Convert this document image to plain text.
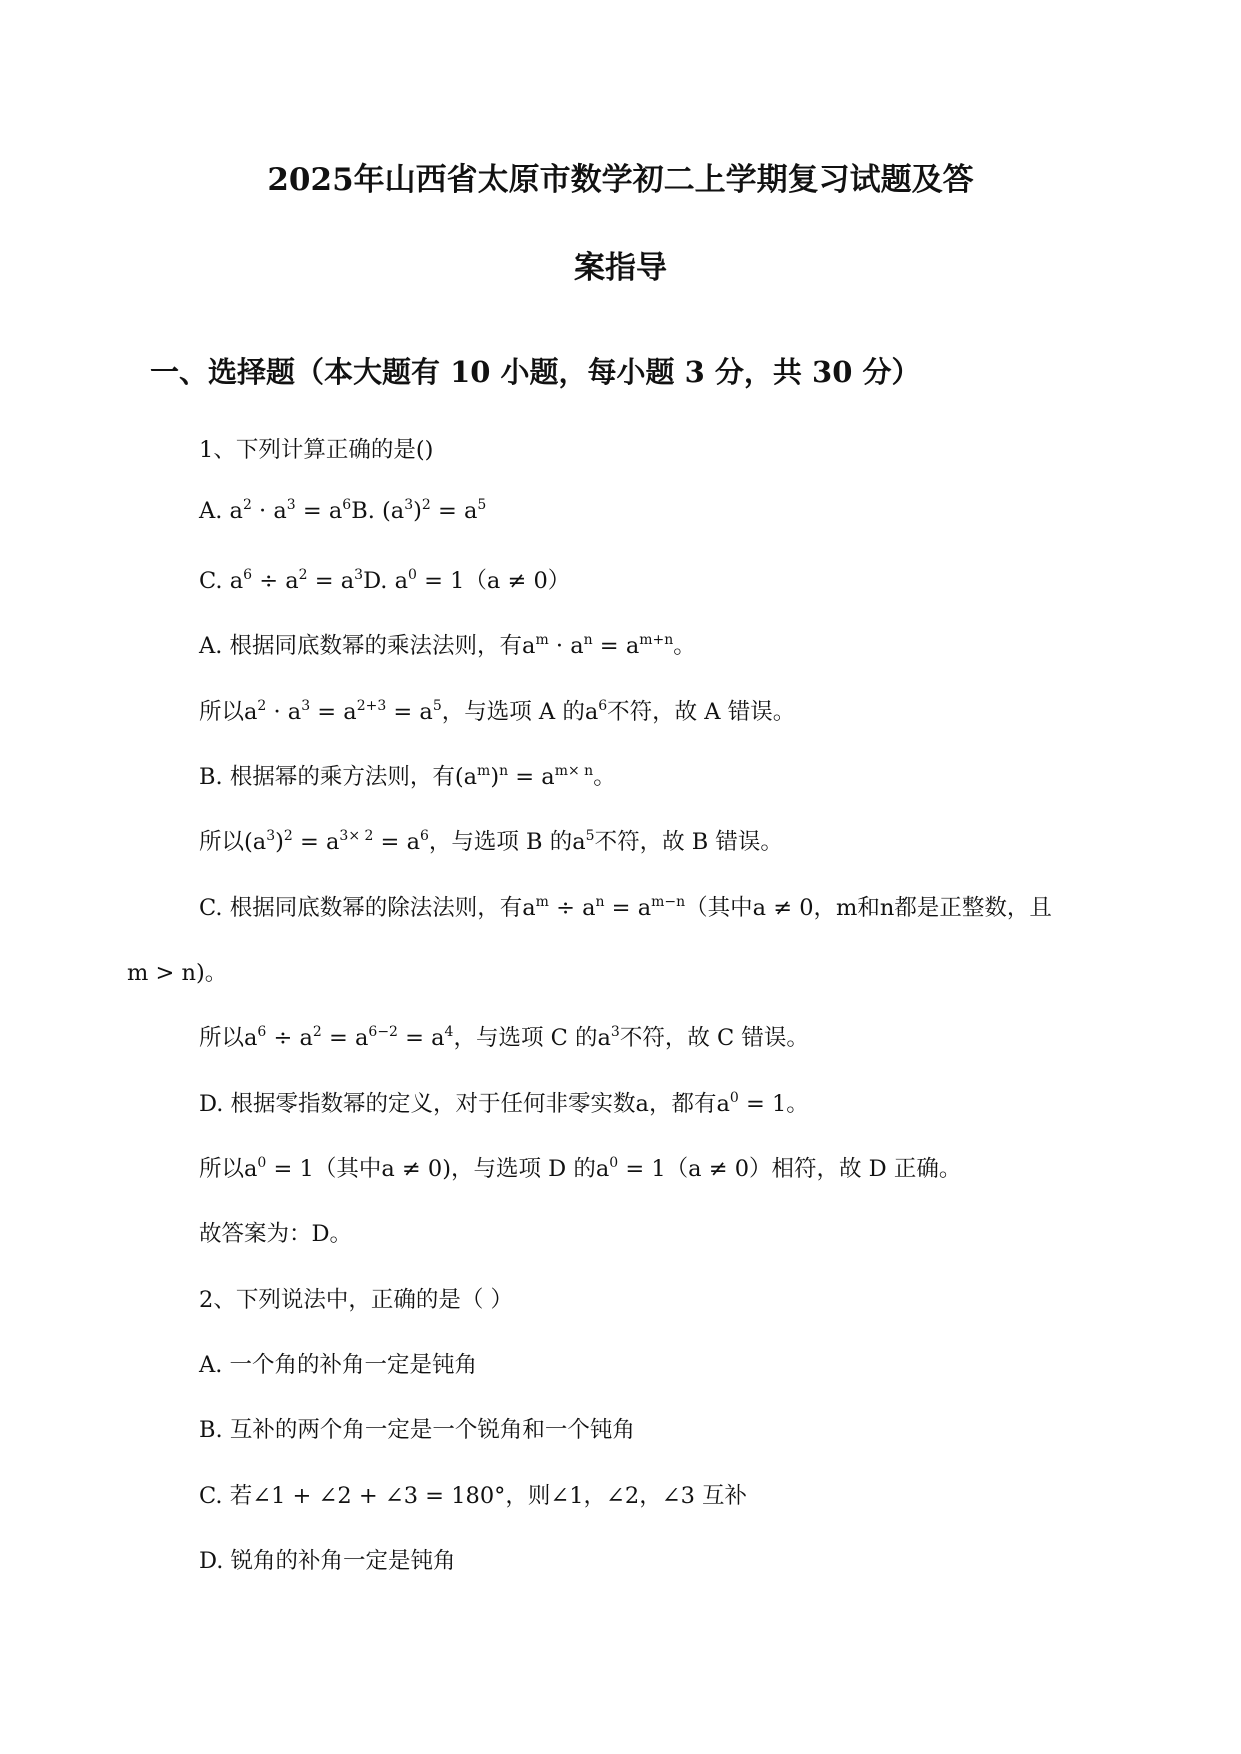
2025年山西省太原市数学初二上学期复习试题及答
案指导
一、选择题（本大题有 10 小题，每小题 3 分，共 30 分）
1、下列计算正确的是()
A. $a^2 \cdot a^3 = a^6B$. $(a^3)^2 = a^5$
C. $a^6 \div a^2 = a^3D$. $a^0 = 1(a \ne 0)$
A. 根据同底数幂的乘法法则，有$a^m \cdot a^n = a^{m+n}$。
所以$a^2 \cdot a^3 = a^{2+3} = a^5$，与选项 A 的$a^6$不符，故 A 错误。
B. 根据幂的乘方法则，有$(a^m)^n = a^{m\times n}$。
所以$(a^3)^2 = a^{3\times 2} = a^6$，与选项 B 的$a^5$不符，故 B 错误。
C. 根据同底数幂的除法法则，有$a^m \div a^n = a^{m-n}$（其中a ≠ 0，m和n都是正整数，且
m > n)。
所以$a^6 \div a^2 = a^{6-2} = a^4$，与选项 C 的$a^3$不符，故 C 错误。
D. 根据零指数幂的定义，对于任何非零实数a，都有$a^0 = 1$。
所以$a^0 = 1$（其中a ≠ 0)，与选项 D 的$a^0 = 1(a \ne 0)$相符，故 D 正确。
故答案为：D。
2、下列说法中，正确的是（ ）
A. 一个角的补角一定是钝角
B. 互补的两个角一定是一个锐角和一个钝角
C. 若∠1 + ∠2 + ∠3 = 180°，则∠1，∠2，∠3 互补
D. 锐角的补角一定是钝角
